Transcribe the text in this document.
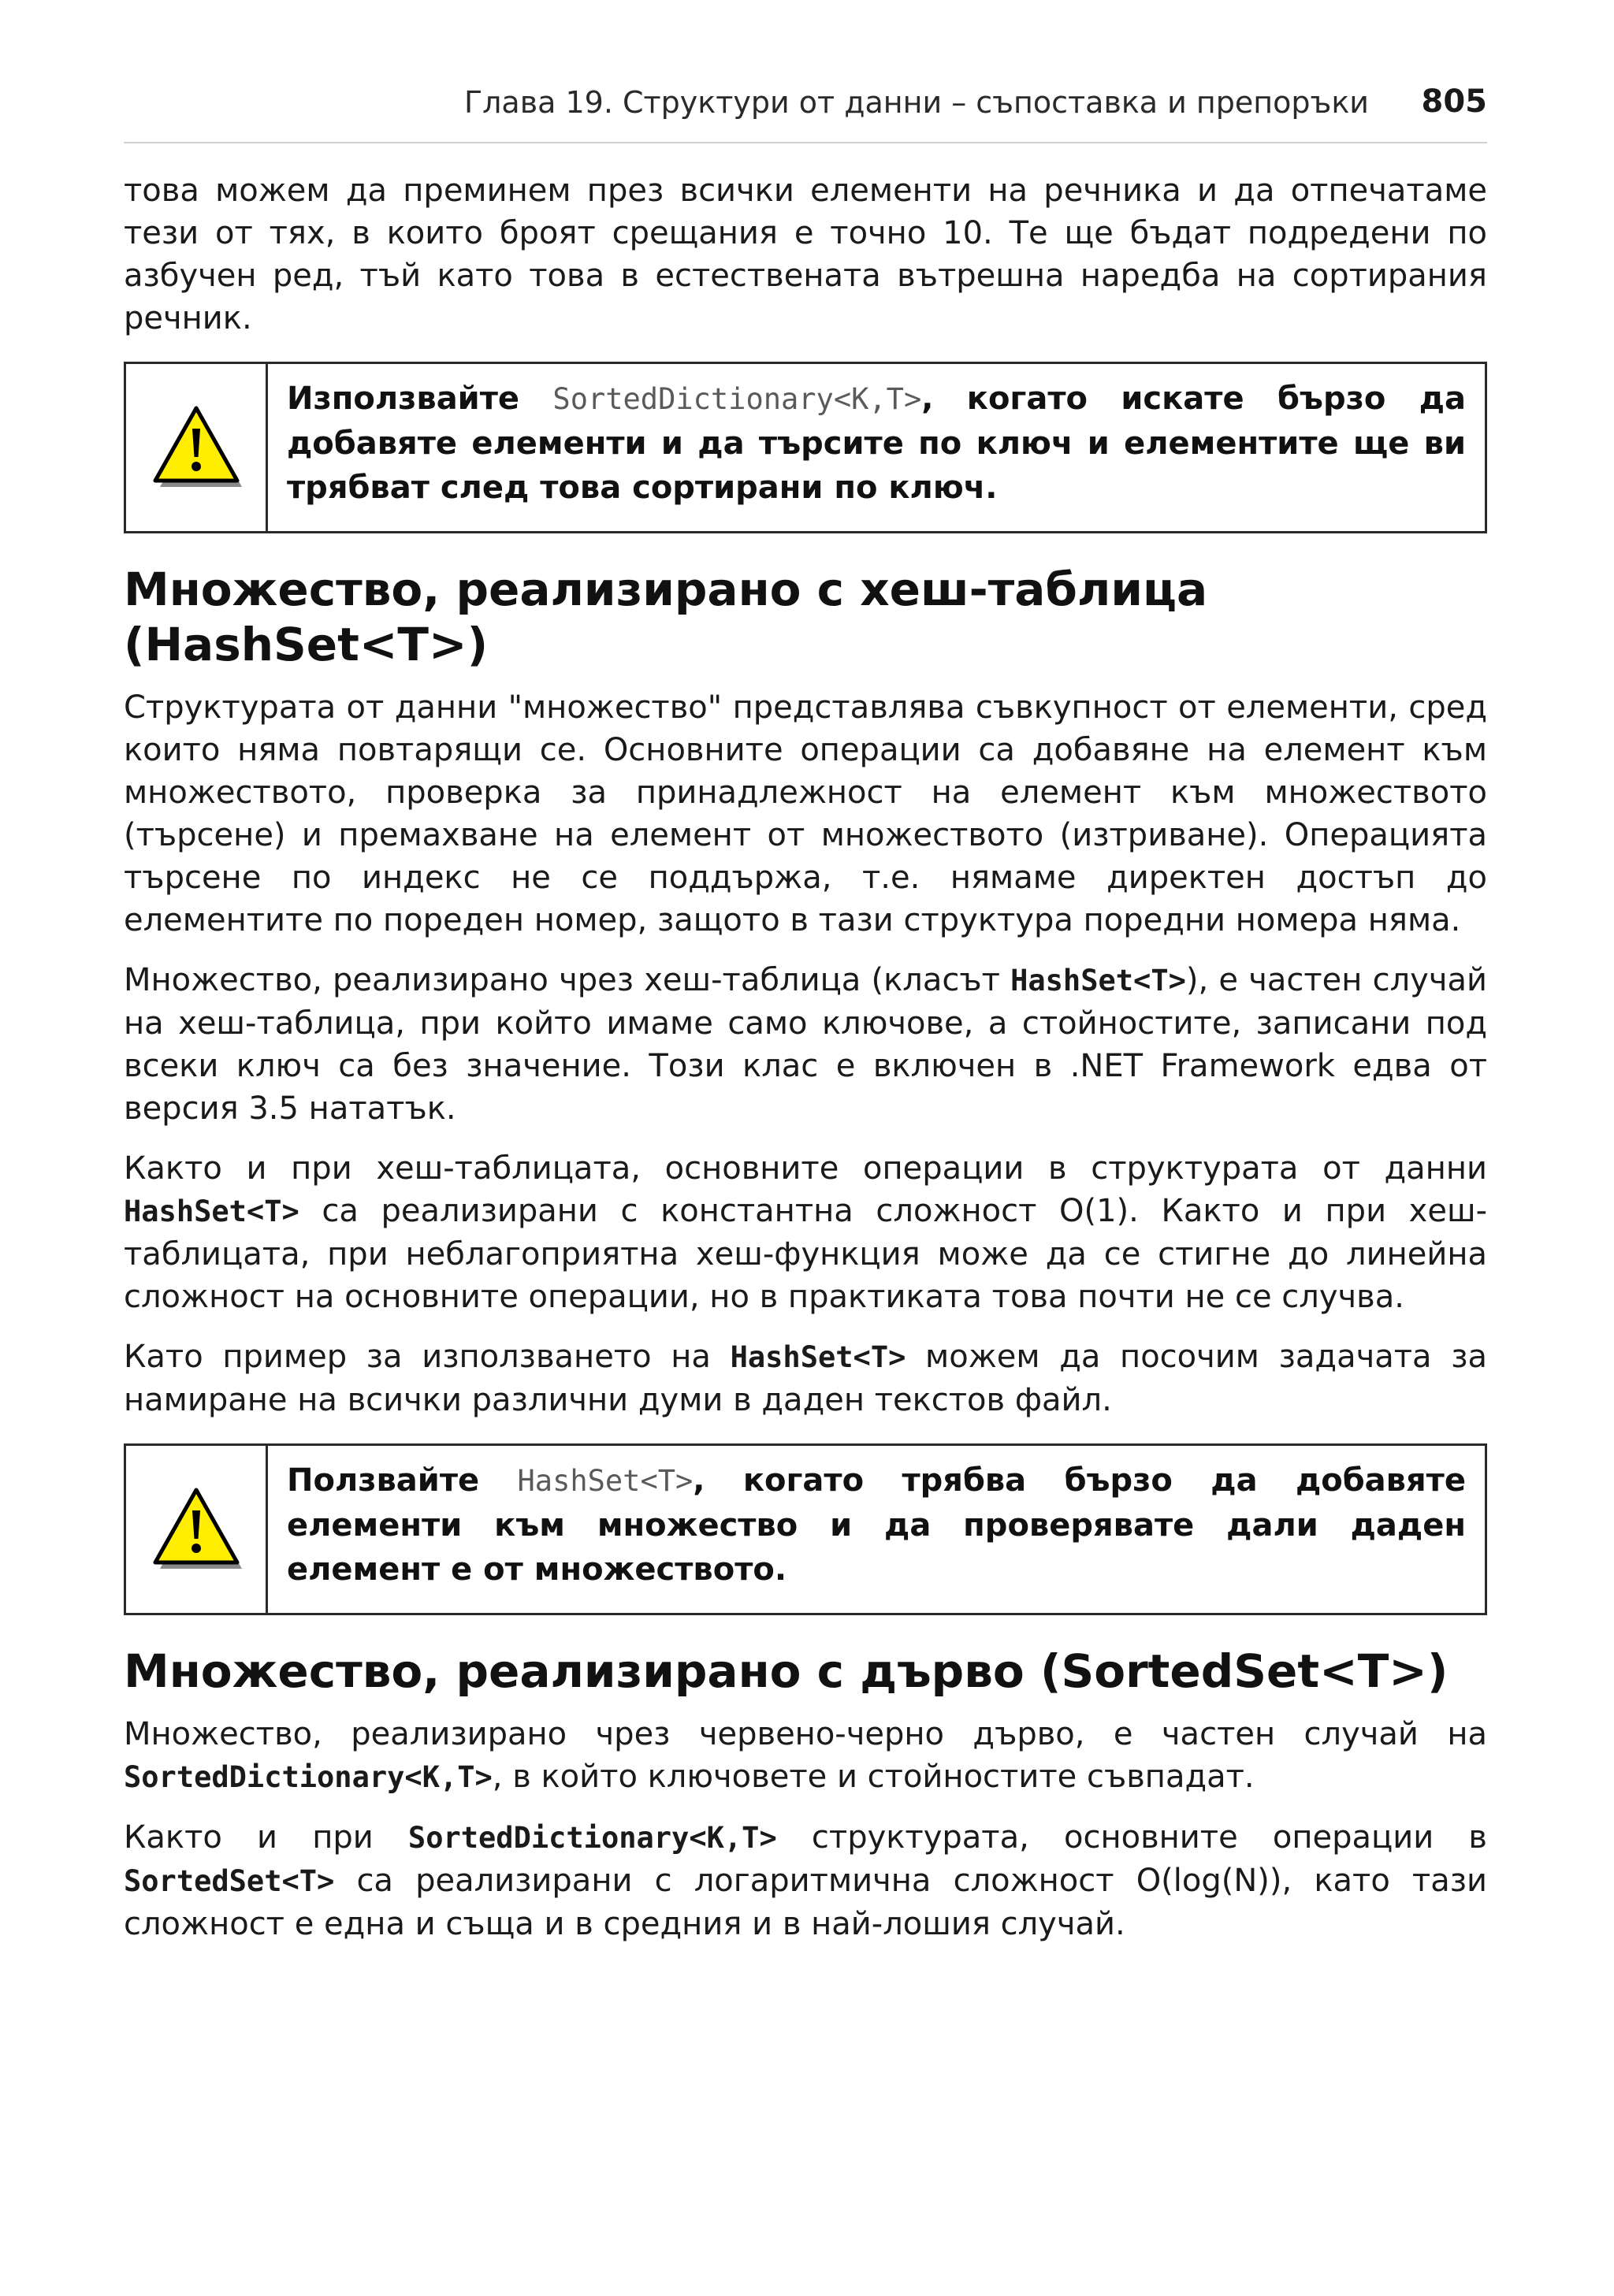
Глава 19. Структури от данни – съпоставка и препоръки 805

това можем да преминем през всички елементи на речника и да отпечатаме тези от тях, в които броят срещания е точно 10. Те ще бъдат подредени по азбучен ред, тъй като това в естествената вътрешна наредба на сортирания речник.

Използвайте SortedDictionary<K,T>, когато искате бързо да добавяте елементи и да търсите по ключ и елементите ще ви трябват след това сортирани по ключ.
Множество, реализирано с хеш-таблица (HashSet<T>)

Структурата от данни "множество" представлява съвкупност от елементи, сред които няма повтарящи се. Основните операции са добавяне на елемент към множеството, проверка за принадлежност на елемент към множеството (търсене) и премахване на елемент от множеството (изтриване). Операцията търсене по индекс не се поддържа, т.е. нямаме директен достъп до елементите по пореден номер, защото в тази структура поредни номера няма.

Множество, реализирано чрез хеш-таблица (класът HashSet<T>), е частен случай на хеш-таблица, при който имаме само ключове, а стойностите, записани под всеки ключ са без значение. Този клас е включен в .NET Framework едва от версия 3.5 нататък.

Както и при хеш-таблицата, основните операции в структурата от данни HashSet<T> са реализирани с константна сложност O(1). Както и при хеш-таблицата, при неблагоприятна хеш-функция може да се стигне до линейна сложност на основните операции, но в практиката това почти не се случва.

Като пример за използването на HashSet<T> можем да посочим задачата за намиране на всички различни думи в даден текстов файл.

Ползвайте HashSet<T>, когато трябва бързо да добавяте елементи към множество и да проверявате дали даден елемент е от множеството.
Множество, реализирано с дърво (SortedSet<T>)

Множество, реализирано чрез червено-черно дърво, е частен случай на SortedDictionary<K,T>, в който ключовете и стойностите съвпадат.

Както и при SortedDictionary<K,T> структурата, основните операции в SortedSet<T> са реализирани с логаритмична сложност O(log(N)), като тази сложност е една и съща и в средния и в най-лошия случай.
